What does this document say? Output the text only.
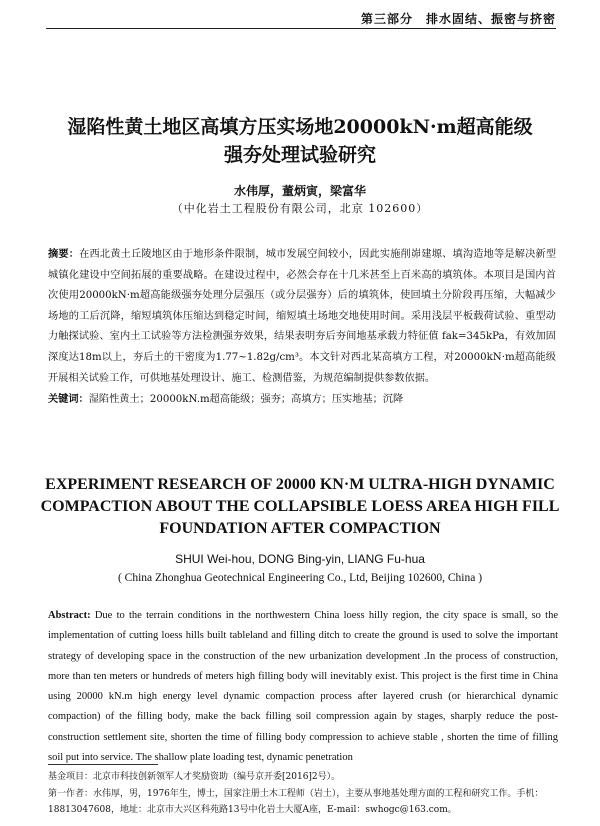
第三部分　排水固结、振密与挤密
湿陷性黄土地区高填方压实场地20000kN·m超高能级
强夯处理试验研究
水伟厚，董炳寅，梁富华
（中化岩土工程股份有限公司，北京 102600）
摘要：在西北黄土丘陵地区由于地形条件限制，城市发展空间较小，因此实施削峁建塬、填沟造地等是解决新型城镇化建设中空间拓展的重要战略。在建设过程中，必然会存在十几米甚至上百米高的填筑体。本项目是国内首次使用20000kN·m超高能级强夯处理分层强压（或分层强夯）后的填筑体，使回填土分阶段再压缩，大幅减少场地的工后沉降，缩短填筑体压缩达到稳定时间，缩短填土场地交地使用时间。采用浅层平板载荷试验、重型动力触探试验、室内土工试验等方法检测强夯效果，结果表明夯后夯间地基承载力特征值 fak=345kPa，有效加固深度达18m以上，夯后土的干密度为1.77~1.82g/cm³。本文针对西北某高填方工程，对20000kN·m超高能级开展相关试验工作，可供地基处理设计、施工、检测借鉴，为规范编制提供参数依据。
关键词：湿陷性黄土；20000kN.m超高能级；强夯；高填方；压实地基；沉降
EXPERIMENT RESEARCH OF 20000 KN·M ULTRA-HIGH DYNAMIC COMPACTION ABOUT THE COLLAPSIBLE LOESS AREA HIGH FILL FOUNDATION AFTER COMPACTION
SHUI Wei-hou, DONG Bing-yin, LIANG Fu-hua
( China Zhonghua Geotechnical Engineering Co., Ltd, Beijing 102600, China )
Abstract: Due to the terrain conditions in the northwestern China loess hilly region, the city space is small, so the implementation of cutting loess hills built tableland and filling ditch to create the ground is used to solve the important strategy of developing space in the construction of the new urbanization development .In the process of construction, more than ten meters or hundreds of meters high filling body will inevitably exist. This project is the first time in China using 20000 kN.m high energy level dynamic compaction process after layered crush (or hierarchical dynamic compaction) of the filling body, make the back filling soil compression again by stages, sharply reduce the post-construction settlement site, shorten the time of filling body compression to achieve stable , shorten the time of filling soil put into service. The shallow plate loading test, dynamic penetration
基金项目：北京市科技创新领军人才奖励资助（编号京开委[2016]2号）。
第一作者：水伟厚，男，1976年生，博士，国家注册土木工程师（岩土），主要从事地基处理方面的工程和研究工作。手机：18813047608，地址：北京市大兴区科苑路13号中化岩土大厦A座，E-mail：swhogc@163.com。
